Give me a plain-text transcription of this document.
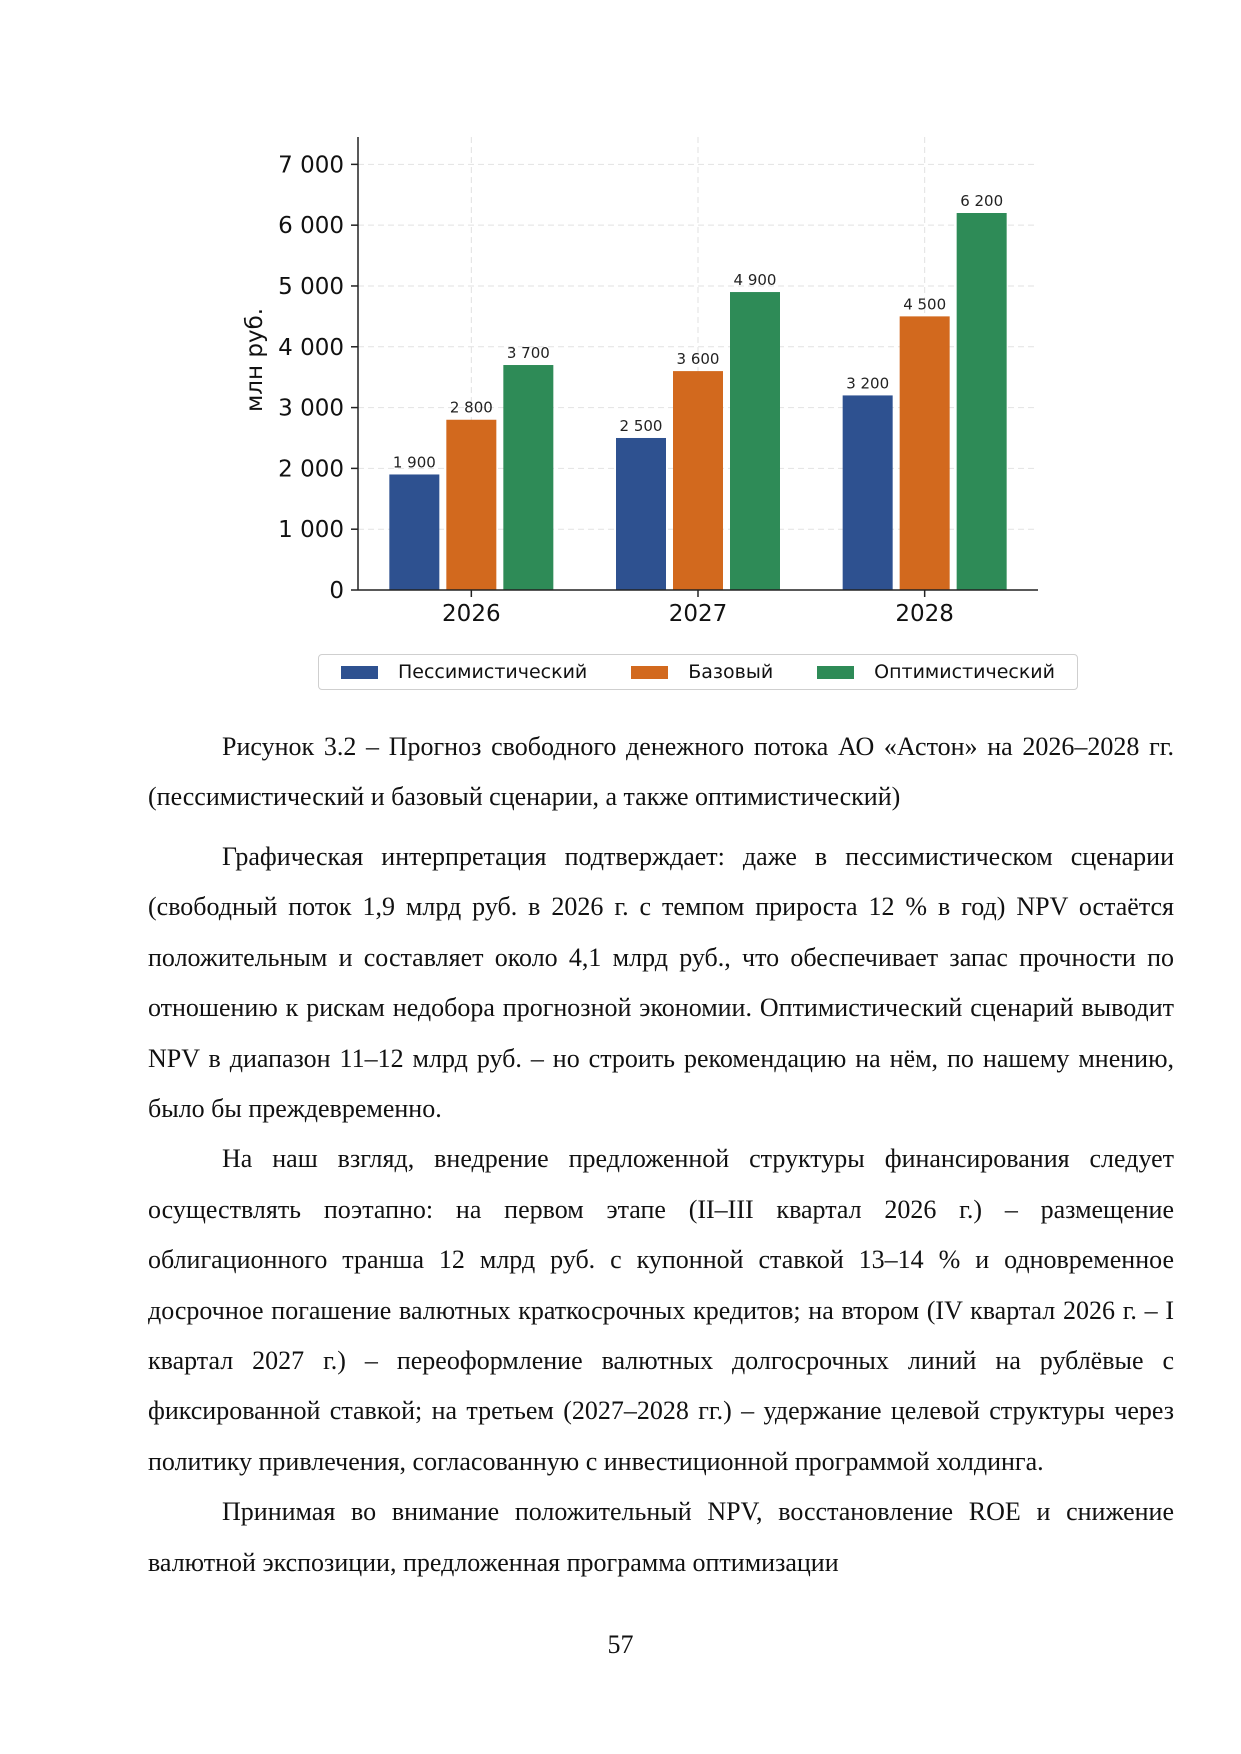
0
1 000
2 000
3 000
4 000
5 000
6 000
7 000
2026
1 900
2 800
3 700
2027
2 500
3 600
4 900
2028
3 200
4 500
6 200
млн руб.
Пессимистический	Базовый	Оптимистический
Рисунок 3.2 – Прогноз свободного денежного потока АО «Астон» на 2026–2028 гг. (пессимистический и базовый сценарии, а также оптимистический)

Графическая интерпретация подтверждает: даже в пессимистическом сценарии (свободный поток 1,9 млрд руб. в 2026 г. с темпом прироста 12 % в год) NPV остаётся положительным и составляет около 4,1 млрд руб., что обеспечивает запас прочности по отношению к рискам недобора прогнозной экономии. Оптимистический сценарий выводит NPV в диапазон 11–12 млрд руб. – но строить рекомендацию на нём, по нашему мнению, было бы преждевременно.

На наш взгляд, внедрение предложенной структуры финансирования следует осуществлять поэтапно: на первом этапе (II–III квартал 2026 г.) – размещение облигационного транша 12 млрд руб. с купонной ставкой 13–14 % и одновременное досрочное погашение валютных краткосрочных кредитов; на втором (IV квартал 2026 г. – I квартал 2027 г.) – переоформление валютных долгосрочных линий на рублёвые с фиксированной ставкой; на третьем (2027–2028 гг.) – удержание целевой структуры через политику привлечения, согласованную с инвестиционной программой холдинга.

Принимая во внимание положительный NPV, восстановление ROE и снижение валютной экспозиции, предложенная программа оптимизации

57
